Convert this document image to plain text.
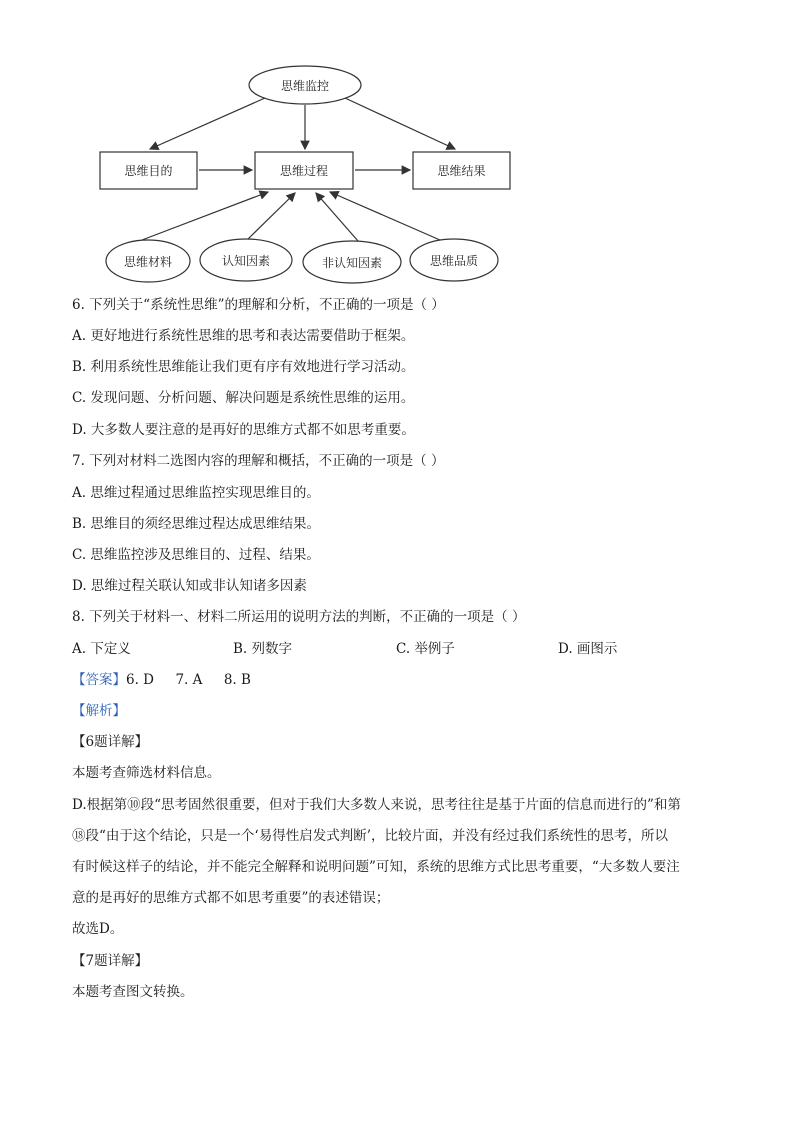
思维监控
思维目的	思维过程	思维结果
思维材料	认知因素	非认知因素	思维品质
6. 下列关于“系统性思维”的理解和分析，不正确的一项是（ ）
A. 更好地进行系统性思维的思考和表达需要借助于框架。
B. 利用系统性思维能让我们更有序有效地进行学习活动。
C. 发现问题、分析问题、解决问题是系统性思维的运用。
D. 大多数人要注意的是再好的思维方式都不如思考重要。
7. 下列对材料二选图内容的理解和概括，不正确的一项是（ ）
A. 思维过程通过思维监控实现思维目的。
B. 思维目的须经思维过程达成思维结果。
C. 思维监控涉及思维目的、过程、结果。
D. 思维过程关联认知或非认知诸多因素
8. 下列关于材料一、材料二所运用的说明方法的判断，不正确的一项是（ ）
A. 下定义	B. 列数字	C. 举例子	D. 画图示
【答案】6. D     7. A     8. B
【解析】
【6题详解】
本题考查筛选材料信息。
D.根据第⑩段“思考固然很重要，但对于我们大多数人来说，思考往往是基于片面的信息而进行的”和第
⑱段“由于这个结论，只是一个‘易得性启发式判断’，比较片面，并没有经过我们系统性的思考，所以
有时候这样子的结论，并不能完全解释和说明问题”可知，系统的思维方式比思考重要，“大多数人要注
意的是再好的思维方式都不如思考重要”的表述错误；
故选D。
【7题详解】
本题考查图文转换。
